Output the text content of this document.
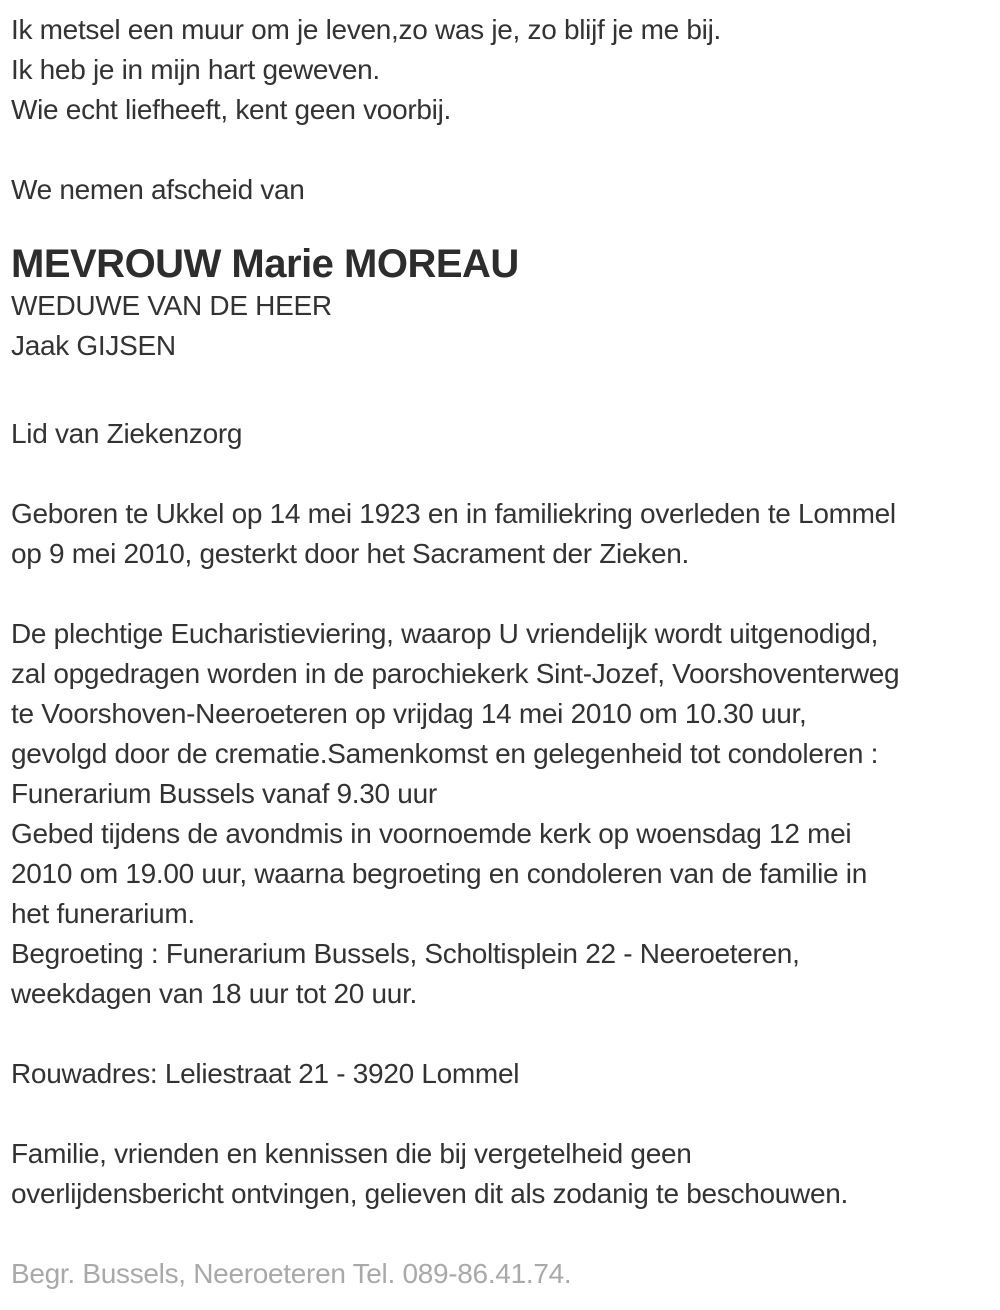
Ik metsel een muur om je leven,zo was je, zo blijf je me bij.
Ik heb je in mijn hart geweven.
Wie echt liefheeft, kent geen voorbij.
We nemen afscheid van
MEVROUW Marie MOREAU
WEDUWE VAN DE HEER
Jaak GIJSEN
Lid van Ziekenzorg
Geboren te Ukkel op 14 mei 1923 en in familiekring overleden te Lommel
op 9 mei 2010, gesterkt door het Sacrament der Zieken.
De plechtige Eucharistieviering, waarop U vriendelijk wordt uitgenodigd,
zal opgedragen worden in de parochiekerk Sint-Jozef, Voorshoventerweg
te Voorshoven-Neeroeteren op vrijdag 14 mei 2010 om 10.30 uur,
gevolgd door de crematie.Samenkomst en gelegenheid tot condoleren :
Funerarium Bussels vanaf 9.30 uur
Gebed tijdens de avondmis in voornoemde kerk op woensdag 12 mei
2010 om 19.00 uur, waarna begroeting en condoleren van de familie in
het funerarium.
Begroeting : Funerarium Bussels, Scholtisplein 22 - Neeroeteren,
weekdagen van 18 uur tot 20 uur.
Rouwadres: Leliestraat 21 - 3920 Lommel
Familie, vrienden en kennissen die bij vergetelheid geen
overlijdensbericht ontvingen, gelieven dit als zodanig te beschouwen.
Begr. Bussels, Neeroeteren Tel. 089-86.41.74.
